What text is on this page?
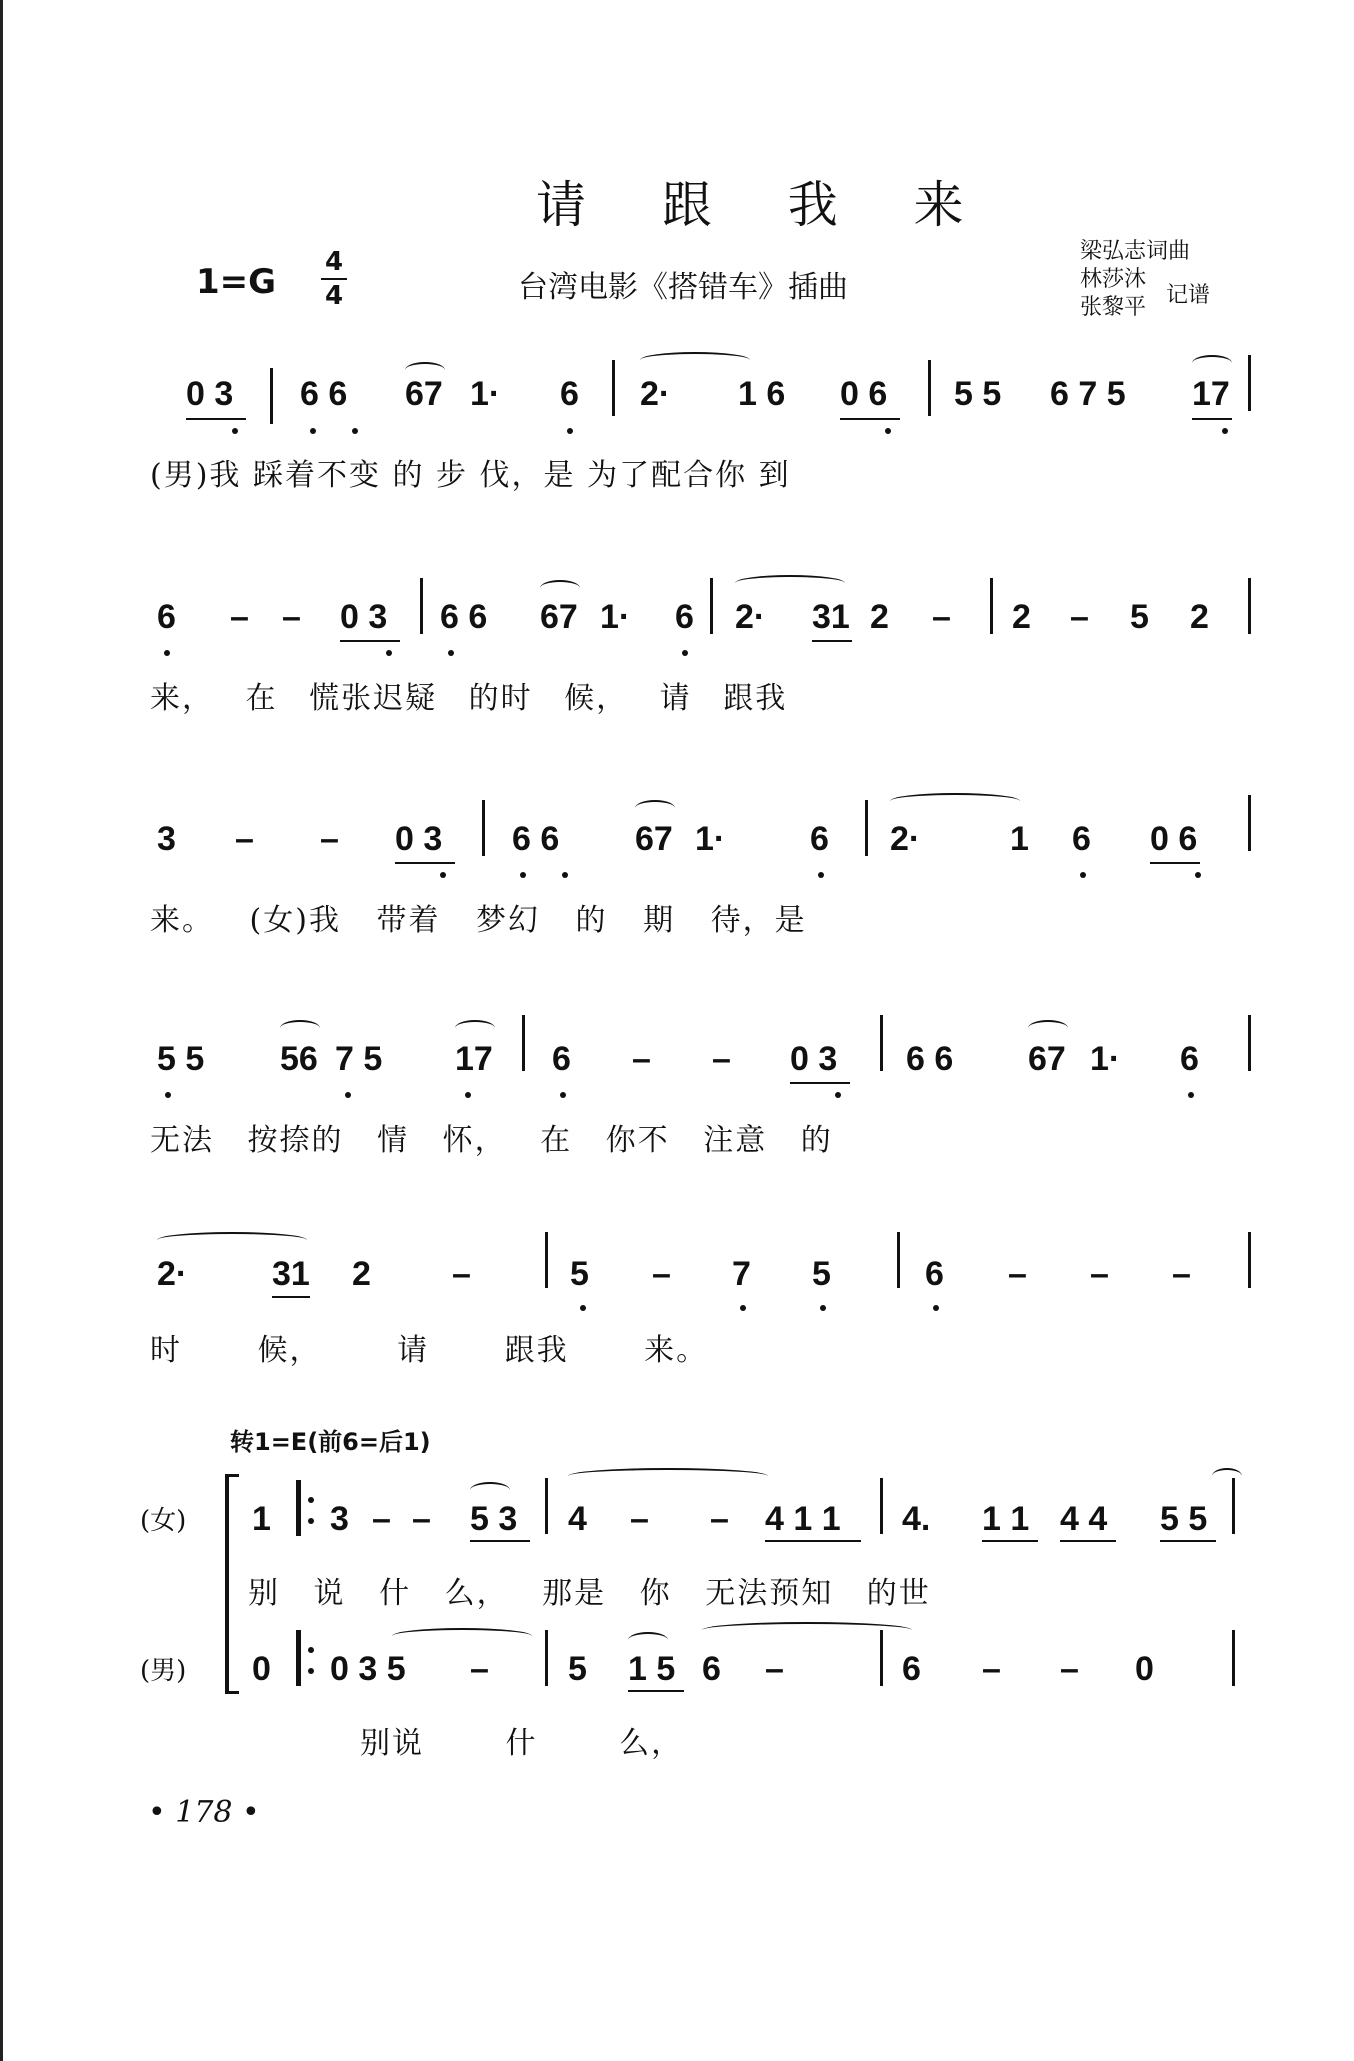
请 跟 我 来
1=G 4
4	台湾电影《搭错车》插曲
梁弘志词曲
林莎沐
张黎平 记谱
0 3 6 6 67 1· 6 2· 1 6 0 6 5 5 6 7 5 17
(男)我 踩着不变 的 步 伐，是 为了配合你 到
6 – – 0 3 6 6 67 1· 6 2· 31 2 – 2 – 5 2
来， 在 慌张迟疑 的时 候， 请 跟我
3 – – 0 3 6 6 67 1· 6 2·	1 6 0 6
来。 (女)我 带着 梦幻 的 期 待，是
5 5 56 7 5 17 6 – – 0 3 6 6 67 1· 6
无法 按捺的 情 怀， 在 你不 注意 的
2· 31 2 –	5 – 7 5	6 – – –
时 候， 请 跟我 来。
转1=E(前6=后1)
(女) 1 3 – – 5 3 4 – – 4 1 1 4. 1 1 4 4 5 5
别 说 什 么， 那是 你 无法预知 的世
(男) 0 0 3 5 – 5 1 5 6 –	6 – – 0
别说 什 么，
• 178 •
